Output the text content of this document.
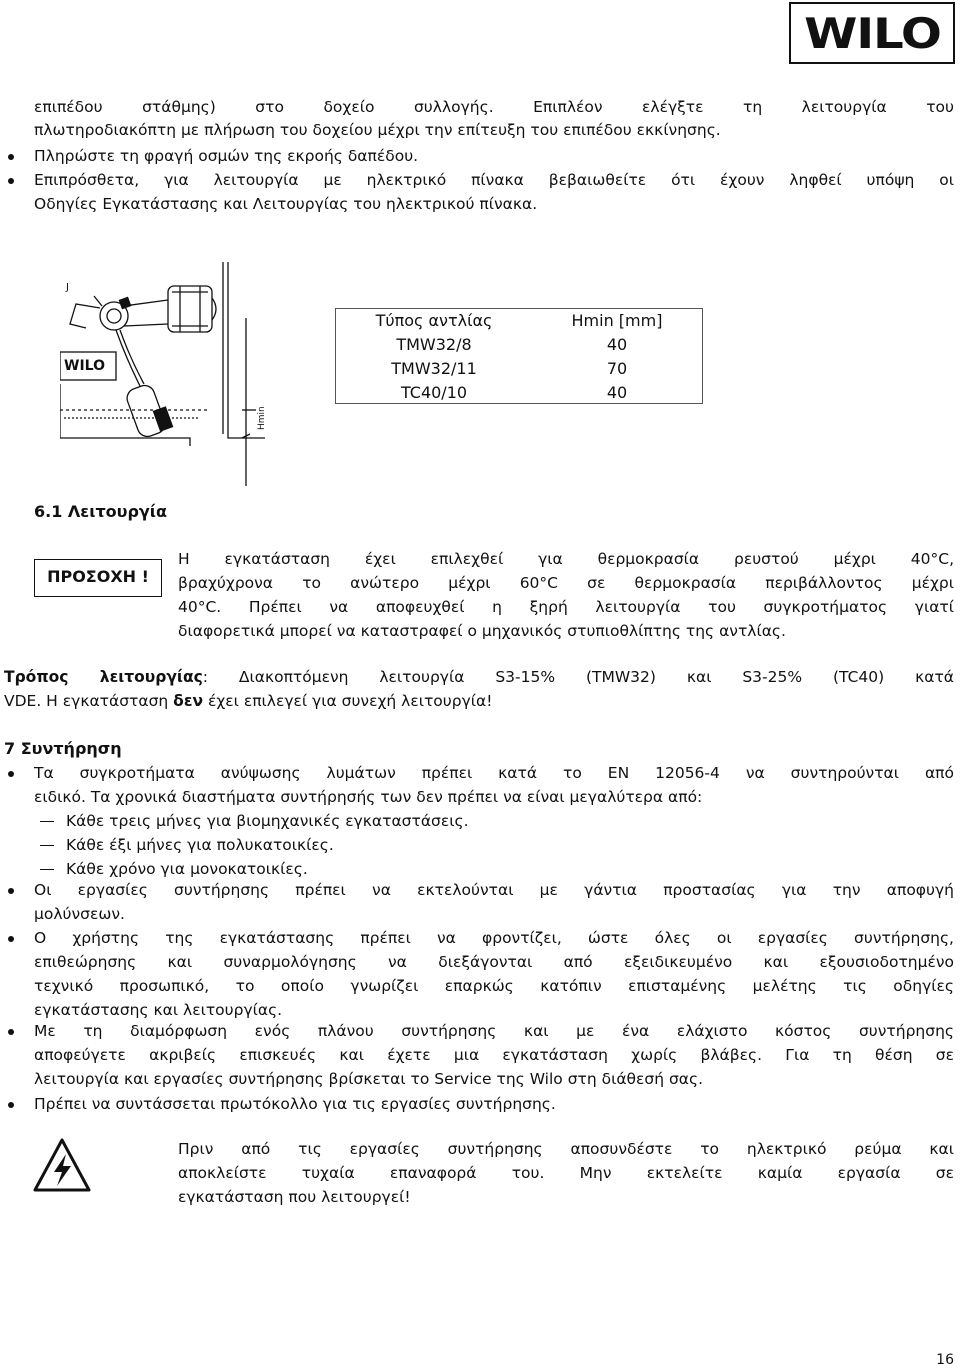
WILO
επιπέδου στάθμης) στο δοχείο συλλογής. Επιπλέον ελέγξτε τη λειτουργία του
πλωτηροδιακόπτη με πλήρωση του δοχείου μέχρι την επίτευξη του επιπέδου εκκίνησης.
Πληρώστε τη φραγή οσμών της εκροής δαπέδου.
Επιπρόσθετα, για λειτουργία με ηλεκτρικό πίνακα βεβαιωθείτε ότι έχουν ληφθεί υπόψη οι
Οδηγίες Εγκατάστασης και Λειτουργίας του ηλεκτρικού πίνακα.
WILO
J
Hmin
Τύπος αντλίας	Hmin [mm]
TMW32/8	40
TMW32/11	70
TC40/10	40
6.1 Λειτουργία
ΠΡΟΣΟΧΗ !
Η εγκατάσταση έχει επιλεχθεί για θερμοκρασία ρευστού μέχρι 40°C,
βραχύχρονα το ανώτερο μέχρι 60°C σε θερμοκρασία περιβάλλοντος μέχρι
40°C. Πρέπει να αποφευχθεί η ξηρή λειτουργία του συγκροτήματος γιατί
διαφορετικά μπορεί να καταστραφεί ο μηχανικός στυπιοθλίπτης της αντλίας.
Τρόπος λειτουργίας: Διακοπτόμενη λειτουργία S3-15% (TMW32) και S3-25% (TC40) κατά
VDE. Η εγκατάσταση δεν έχει επιλεγεί για συνεχή λειτουργία!
7 Συντήρηση
Τα συγκροτήματα ανύψωσης λυμάτων πρέπει κατά το EN 12056-4 να συντηρούνται από
ειδικό. Τα χρονικά διαστήματα συντήρησής των δεν πρέπει να είναι μεγαλύτερα από:
Κάθε τρεις μήνες για βιομηχανικές εγκαταστάσεις.
Κάθε έξι μήνες για πολυκατοικίες.
Κάθε χρόνο για μονοκατοικίες.
Οι εργασίες συντήρησης πρέπει να εκτελούνται με γάντια προστασίας για την αποφυγή
μολύνσεων.
Ο χρήστης της εγκατάστασης πρέπει να φροντίζει, ώστε όλες οι εργασίες συντήρησης,
επιθεώρησης και συναρμολόγησης να διεξάγονται από εξειδικευμένο και εξουσιοδοτημένο
τεχνικό προσωπικό, το οποίο γνωρίζει επαρκώς κατόπιν επισταμένης μελέτης τις οδηγίες
εγκατάστασης και λειτουργίας.
Με τη διαμόρφωση ενός πλάνου συντήρησης και με ένα ελάχιστο κόστος συντήρησης
αποφεύγετε ακριβείς επισκευές και έχετε μια εγκατάσταση χωρίς βλάβες. Για τη θέση σε
λειτουργία και εργασίες συντήρησης βρίσκεται το Service της Wilo στη διάθεσή σας.
Πρέπει να συντάσσεται πρωτόκολλο για τις εργασίες συντήρησης.
Πριν από τις εργασίες συντήρησης αποσυνδέστε το ηλεκτρικό ρεύμα και
αποκλείστε τυχαία επαναφορά του. Μην εκτελείτε καμία εργασία σε
εγκατάσταση που λειτουργεί!
16
